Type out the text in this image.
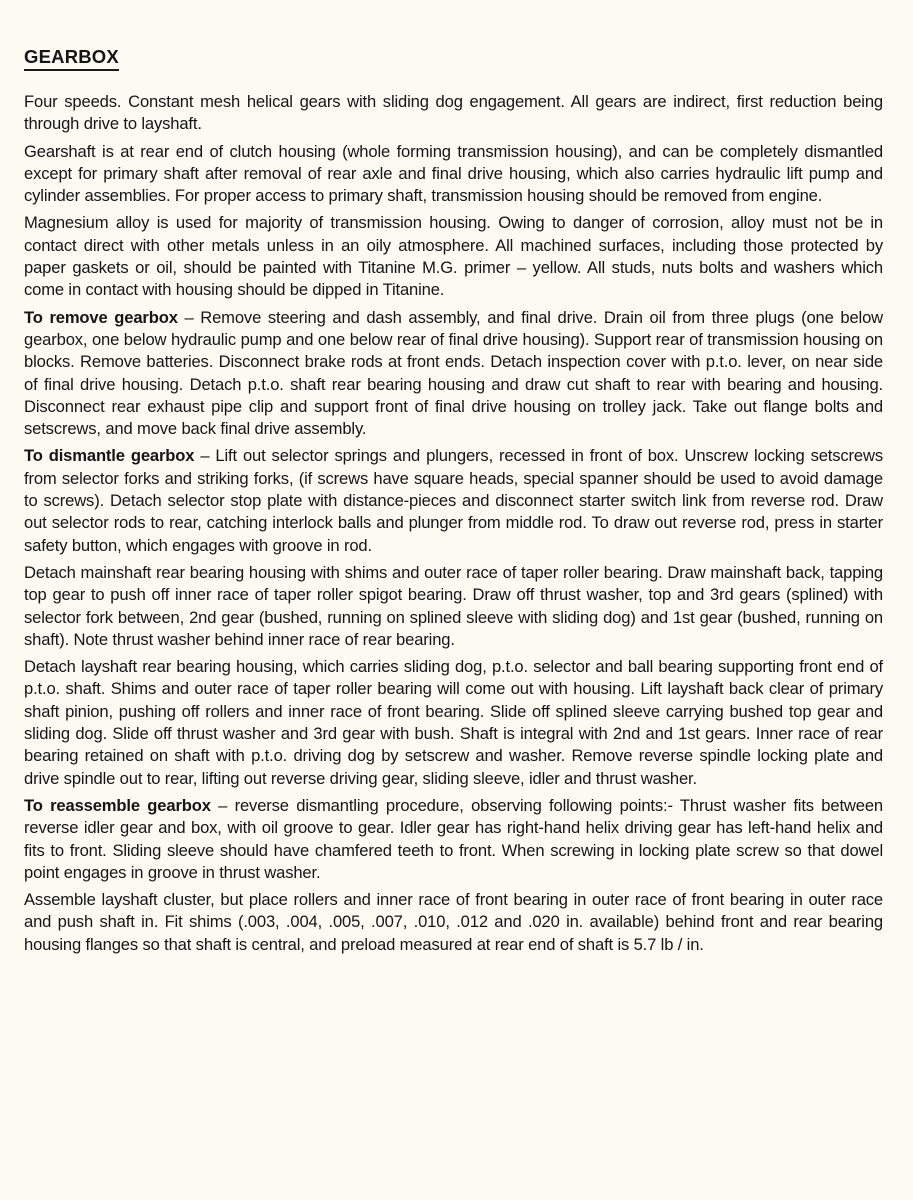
GEARBOX

Four speeds. Constant mesh helical gears with sliding dog engagement. All gears are indirect, first reduction being through drive to layshaft.

Gearshaft is at rear end of clutch housing (whole forming transmission housing), and can be completely dismantled except for primary shaft after removal of rear axle and final drive housing, which also carries hydraulic lift pump and cylinder assemblies. For proper access to primary shaft, transmission housing should be removed from engine.

Magnesium alloy is used for majority of transmission housing. Owing to danger of corrosion, alloy must not be in contact direct with other metals unless in an oily atmosphere. All machined surfaces, including those protected by paper gaskets or oil, should be painted with Titanine M.G. primer – yellow. All studs, nuts bolts and washers which come in contact with housing should be dipped in Titanine.

To remove gearbox – Remove steering and dash assembly, and final drive. Drain oil from three plugs (one below gearbox, one below hydraulic pump and one below rear of final drive housing). Support rear of transmission housing on blocks. Remove batteries. Disconnect brake rods at front ends. Detach inspection cover with p.t.o. lever, on near side of final drive housing. Detach p.t.o. shaft rear bearing housing and draw cut shaft to rear with bearing and housing. Disconnect rear exhaust pipe clip and support front of final drive housing on trolley jack. Take out flange bolts and setscrews, and move back final drive assembly.

To dismantle gearbox – Lift out selector springs and plungers, recessed in front of box. Unscrew locking setscrews from selector forks and striking forks, (if screws have square heads, special spanner should be used to avoid damage to screws). Detach selector stop plate with distance-pieces and disconnect starter switch link from reverse rod. Draw out selector rods to rear, catching interlock balls and plunger from middle rod. To draw out reverse rod, press in starter safety button, which engages with groove in rod.

Detach mainshaft rear bearing housing with shims and outer race of taper roller bearing. Draw mainshaft back, tapping top gear to push off inner race of taper roller spigot bearing. Draw off thrust washer, top and 3rd gears (splined) with selector fork between, 2nd gear (bushed, running on splined sleeve with sliding dog) and 1st gear (bushed, running on shaft). Note thrust washer behind inner race of rear bearing.

Detach layshaft rear bearing housing, which carries sliding dog, p.t.o. selector and ball bearing supporting front end of p.t.o. shaft. Shims and outer race of taper roller bearing will come out with housing. Lift layshaft back clear of primary shaft pinion, pushing off rollers and inner race of front bearing. Slide off splined sleeve carrying bushed top gear and sliding dog. Slide off thrust washer and 3rd gear with bush. Shaft is integral with 2nd and 1st gears. Inner race of rear bearing retained on shaft with p.t.o. driving dog by setscrew and washer. Remove reverse spindle locking plate and drive spindle out to rear, lifting out reverse driving gear, sliding sleeve, idler and thrust washer.

To reassemble gearbox – reverse dismantling procedure, observing following points:- Thrust washer fits between reverse idler gear and box, with oil groove to gear. Idler gear has right-hand helix driving gear has left-hand helix and fits to front. Sliding sleeve should have chamfered teeth to front. When screwing in locking plate screw so that dowel point engages in groove in thrust washer.

Assemble layshaft cluster, but place rollers and inner race of front bearing in outer race of front bearing in outer race and push shaft in. Fit shims (.003, .004, .005, .007, .010, .012 and .020 in. available) behind front and rear bearing housing flanges so that shaft is central, and preload measured at rear end of shaft is 5.7 lb / in.
